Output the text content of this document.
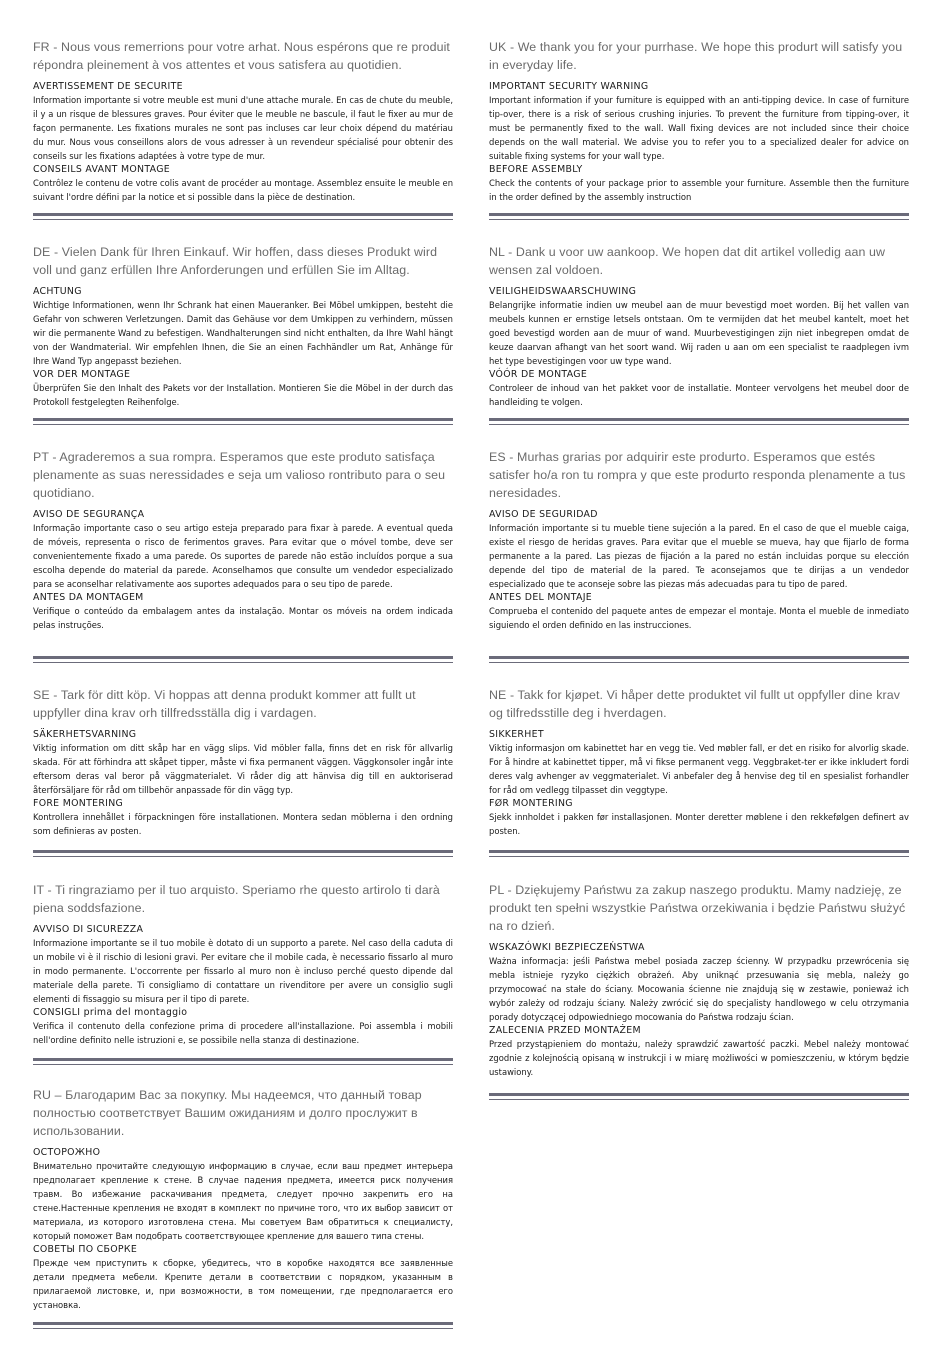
FR - Nous vous remerrions pour votre arhat. Nous espérons que re produit répondra pleinement à vos attentes et vous satisfera au quotidien.

AVERTISSEMENT DE SECURITE

Information importante si votre meuble est muni d'une attache murale. En cas de chute du meuble, il y a un risque de blessures graves. Pour éviter que le meuble ne bascule, il faut le fixer au mur de façon permanente. Les fixations murales ne sont pas incluses car leur choix dépend du matériau du mur. Nous vous conseillons alors de vous adresser à un revendeur spécialisé pour obtenir des conseils sur les fixations adaptées à votre type de mur.

CONSEILS AVANT MONTAGE

Contrôlez le contenu de votre colis avant de procéder au montage. Assemblez ensuite le meuble en suivant l'ordre défini par la notice et si possible dans la pièce de destination.

DE - Vielen Dank für Ihren Einkauf. Wir hoffen, dass dieses Produkt wird voll und ganz erfüllen Ihre Anforderungen und erfüllen Sie im Alltag.

ACHTUNG

Wichtige Informationen, wenn Ihr Schrank hat einen Maueranker. Bei Möbel umkippen, besteht die Gefahr von schweren Verletzungen. Damit das Gehäuse vor dem Umkippen zu verhindern, müssen wir die permanente Wand zu befestigen. Wandhalterungen sind nicht enthalten, da Ihre Wahl hängt von der Wandmaterial. Wir empfehlen Ihnen, die Sie an einen Fachhändler um Rat, Anhänge für Ihre Wand Typ angepasst beziehen.

VOR DER MONTAGE

Überprüfen Sie den Inhalt des Pakets vor der Installation. Montieren Sie die Möbel in der durch das Protokoll festgelegten Reihenfolge.

PT - Agraderemos a sua rompra. Esperamos que este produto satisfaça plenamente as suas neressidades e seja um valioso rontributo para o seu quotidiano.

AVISO DE SEGURANÇA

Informação importante caso o seu artigo esteja preparado para fixar à parede. A eventual queda de móveis, representa o risco de ferimentos graves. Para evitar que o móvel tombe, deve ser convenientemente fixado a uma parede. Os suportes de parede não estão incluídos porque a sua escolha depende do material da parede. Aconselhamos que consulte um vendedor especializado para se aconselhar relativamente aos suportes adequados para o seu tipo de parede.

ANTES DA MONTAGEM

Verifique o conteúdo da embalagem antes da instalação. Montar os móveis na ordem indicada pelas instruções.

SE - Tark för ditt köp. Vi hoppas att denna produkt kommer att fullt ut uppfyller dina krav orh tillfredsställa dig i vardagen.

SÄKERHETSVARNING

Viktig information om ditt skåp har en vägg slips. Vid möbler falla, finns det en risk för allvarlig skada. För att förhindra att skåpet tipper, måste vi fixa permanent väggen. Väggkonsoler ingår inte eftersom deras val beror på väggmaterialet. Vi råder dig att hänvisa dig till en auktoriserad återförsäljare för råd om tillbehör anpassade för din vägg typ.

FORE MONTERING

Kontrollera innehållet i förpackningen före installationen. Montera sedan möblerna i den ordning som definieras av posten.

IT - Ti ringraziamo per il tuo arquisto. Speriamo rhe questo artirolo ti darà piena soddsfazione.

AVVISO DI SICUREZZA

Informazione importante se il tuo mobile è dotato di un supporto a parete. Nel caso della caduta di un mobile vi è il rischio di lesioni gravi. Per evitare che il mobile cada, è necessario fissarlo al muro in modo permanente. L'occorrente per fissarlo al muro non è incluso perché questo dipende dal materiale della parete. Ti consigliamo di contattare un rivenditore per avere un consiglio sugli elementi di fissaggio su misura per il tipo di parete.

CONSIGLI prima del montaggio

Verifica il contenuto della confezione prima di procedere all'installazione. Poi assembla i mobili nell'ordine definito nelle istruzioni e, se possibile nella stanza di destinazione.

RU – Благодарим Вас за покупку. Мы надеемся, что данный товар полностью соответствует Вашим ожиданиям и долго прослужит в использовании.

ОСТОРОЖНО

Внимательно прочитайте следующую информацию в случае, если ваш предмет интерьера предполагает крепление к стене. В случае падения предмета, имеется риск получения травм. Во избежание раскачивания предмета, следует прочно закрепить его на стене.Настенные крепления не входят в комплект по причине того, что их выбор зависит от материала, из которого изготовлена стена. Мы советуем Вам обратиться к специалисту, который поможет Вам подобрать соответствующее крепление для вашего типа стены.

СОВЕТЫ ПО СБОРКЕ

Прежде чем приступить к сборке, убедитесь, что в коробке находятся все заявленные детали предмета мебели. Крепите детали в соответствии с порядком, указанным в прилагаемой листовке, и, при возможности, в том помещении, где предполагается его установка.

UK - We thank you for your purrhase. We hope this produrt will satisfy you in everyday life.

IMPORTANT SECURITY WARNING

Important information if your furniture is equipped with an anti-tipping device. In case of furniture tip-over, there is a risk of serious crushing injuries. To prevent the furniture from tipping-over, it must be permanently fixed to the wall. Wall fixing devices are not included since their choice depends on the wall material. We advise you to refer you to a specialized dealer for advice on suitable fixing systems for your wall type.

BEFORE ASSEMBLY

Check the contents of your package prior to assemble your furniture. Assemble then the furniture in the order defined by the assembly instruction

NL - Dank u voor uw aankoop. We hopen dat dit artikel volledig aan uw wensen zal voldoen.

VEILIGHEIDSWAARSCHUWING

Belangrijke informatie indien uw meubel aan de muur bevestigd moet worden. Bij het vallen van meubels kunnen er ernstige letsels ontstaan. Om te vermijden dat het meubel kantelt, moet het goed bevestigd worden aan de muur of wand. Muurbevestigingen zijn niet inbegrepen omdat de keuze daarvan afhangt van het soort wand. Wij raden u aan om een specialist te raadplegen ivm het type bevestigingen voor uw type wand.

VÓÓR DE MONTAGE

Controleer de inhoud van het pakket voor de installatie. Monteer vervolgens het meubel door de handleiding te volgen.

ES - Murhas grarias por adquirir este produrto. Esperamos que estés satisfer ho/a ron tu rompra y que este produrto responda plenamente a tus neresidades.

AVISO DE SEGURIDAD

Información importante si tu mueble tiene sujeción a la pared. En el caso de que el mueble caiga, existe el riesgo de heridas graves. Para evitar que el mueble se mueva, hay que fijarlo de forma permanente a la pared. Las piezas de fijación a la pared no están incluidas porque su elección depende del tipo de material de la pared. Te aconsejamos que te dirijas a un vendedor especializado que te aconseje sobre las piezas más adecuadas para tu tipo de pared.

ANTES DEL MONTAJE

Comprueba el contenido del paquete antes de empezar el montaje. Monta el mueble de inmediato siguiendo el orden definido en las instrucciones.

NE - Takk for kjøpet. Vi håper dette produktet vil fullt ut oppfyller dine krav og tilfredsstille deg i hverdagen.

SIKKERHET

Viktig informasjon om kabinettet har en vegg tie. Ved møbler fall, er det en risiko for alvorlig skade. For å hindre at kabinettet tipper, må vi fikse permanent vegg. Veggbraket-ter er ikke inkludert fordi deres valg avhenger av veggmaterialet. Vi anbefaler deg å henvise deg til en spesialist forhandler for råd om vedlegg tilpasset din veggtype.

FØR MONTERING

Sjekk innholdet i pakken før installasjonen. Monter deretter møblene i den rekkefølgen definert av posten.

PL - Dziękujemy Państwu za zakup naszego produktu. Mamy nadzieję, ze produkt ten spełni wszystkie Państwa orzekiwania i będzie Państwu służyć na ro dzień.

WSKAZÓWKI BEZPIECZEŃSTWA

Ważna informacja: jeśli Państwa mebel posiada zaczep ścienny. W przypadku przewrócenia się mebla istnieje ryzyko ciężkich obrażeń. Aby uniknąć przesuwania się mebla, należy go przymocować na stałe do ściany. Mocowania ścienne nie znajdują się w zestawie, ponieważ ich wybór zależy od rodzaju ściany. Należy zwrócić się do specjalisty handlowego w celu otrzymania porady dotyczącej odpowiedniego mocowania do Państwa rodzaju ścian.

ZALECENIA PRZED MONTAŻEM

Przed przystąpieniem do montażu, należy sprawdzić zawartość paczki. Mebel należy montować zgodnie z kolejnością opisaną w instrukcji i w miarę możliwości w pomieszczeniu, w którym będzie ustawiony.
